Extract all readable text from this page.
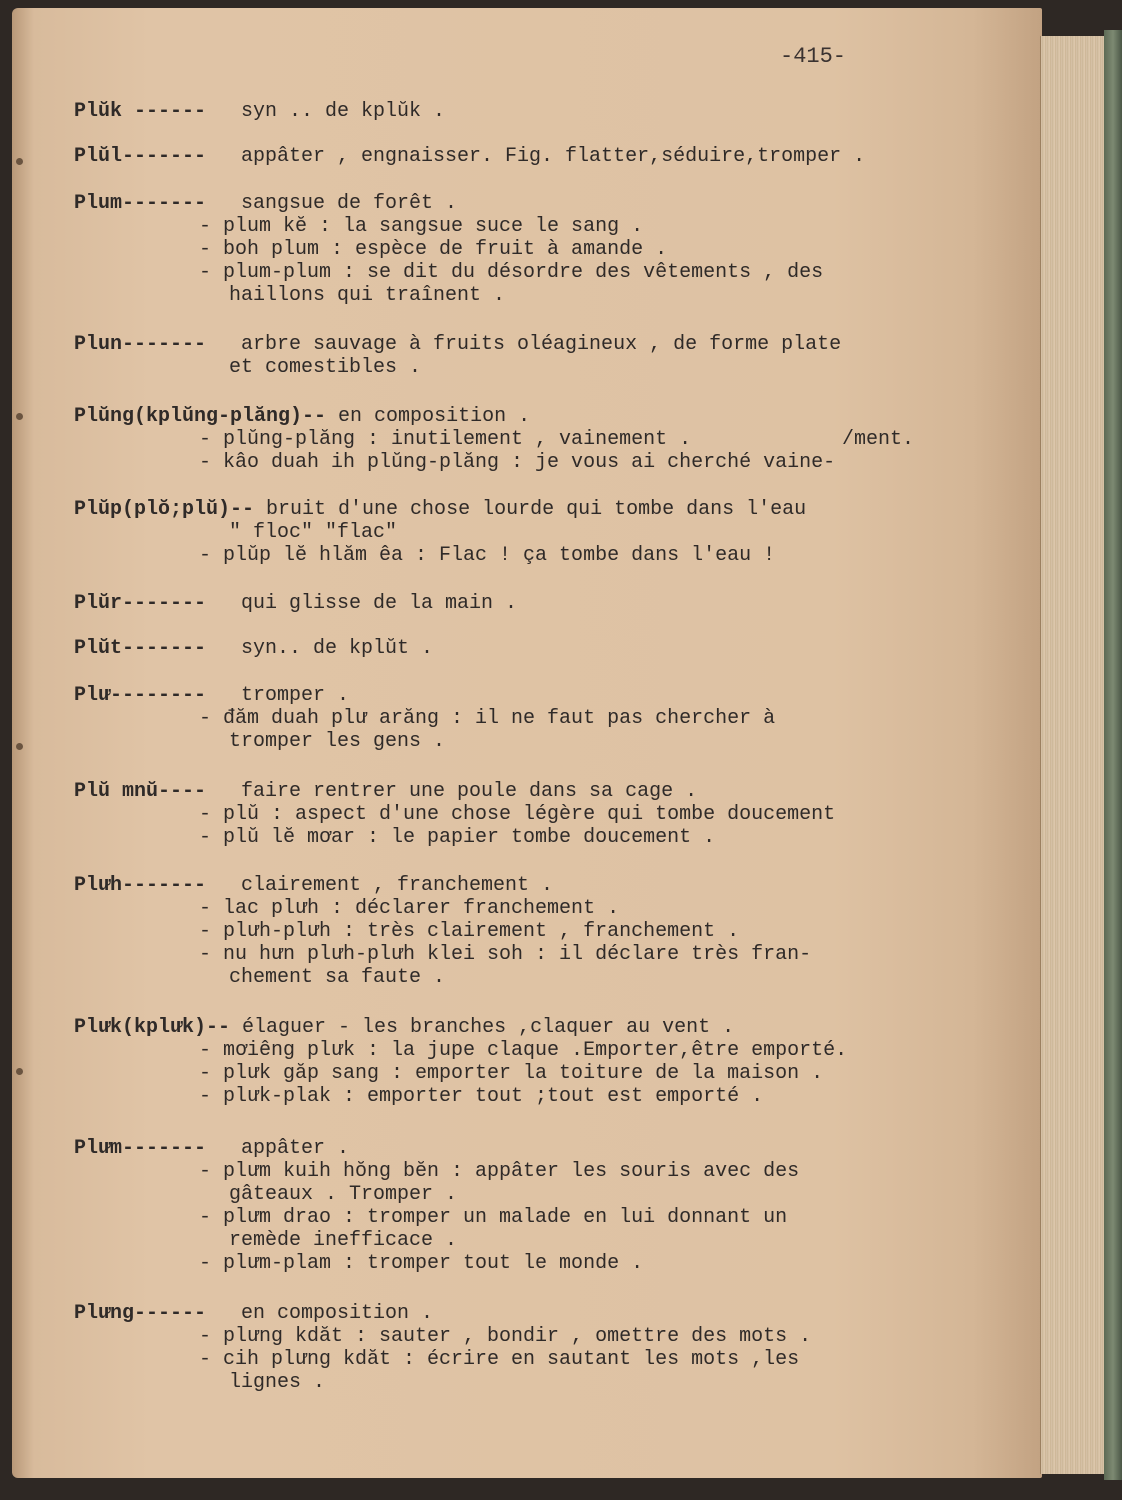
-415-
Plŭk ------ syn .. de kplŭk .
Plŭl------- appâter , engnaisser. Fig. flatter,séduire,tromper .
Plum------- sangsue de forêt .
- plum kĕ : la sangsue suce le sang .
- boh plum : espèce de fruit à amande .
- plum-plum : se dit du désordre des vêtements , des
haillons qui traînent .
Plun------- arbre sauvage à fruits oléagineux , de forme plate
et comestibles .
Plŭng(kplŭng-plăng)-- en composition .
- plŭng-plăng : inutilement , vainement .
- kâo duah ih plŭng-plăng : je vous ai cherché vaine-
/ment.
Plŭp(plŏ;plŭ)-- bruit d'une chose lourde qui tombe dans l'eau
" floc" "flac"
- plŭp lĕ hlăm êa : Flac ! ça tombe dans l'eau !
Plŭr------- qui glisse de la main .
Plŭt------- syn.. de kplŭt .
Plư-------- tromper .
- đăm duah plư arăng : il ne faut pas chercher à
tromper les gens .
Plŭ mnŭ---- faire rentrer une poule dans sa cage .
- plŭ : aspect d'une chose légère qui tombe doucement
- plŭ lĕ mơar : le papier tombe doucement .
Plưh------- clairement , franchement .
- lac plưh : déclarer franchement .
- plưh-plưh : très clairement , franchement .
- nu hưn plưh-plưh klei soh : il déclare très fran-
chement sa faute .
Plưk(kplưk)-- élaguer - les branches ,claquer au vent .
- mơiêng plưk : la jupe claque .Emporter,être emporté.
- plưk găp sang : emporter la toiture de la maison .
- plưk-plak : emporter tout ;tout est emporté .
Plưm------- appâter .
- plưm kuih hŏng bĕn : appâter les souris avec des
gâteaux . Tromper .
- plưm drao : tromper un malade en lui donnant un
remède inefficace .
- plưm-plam : tromper tout le monde .
Plưng------ en composition .
- plưng kdăt : sauter , bondir , omettre des mots .
- cih plưng kdăt : écrire en sautant les mots ,les
lignes .
